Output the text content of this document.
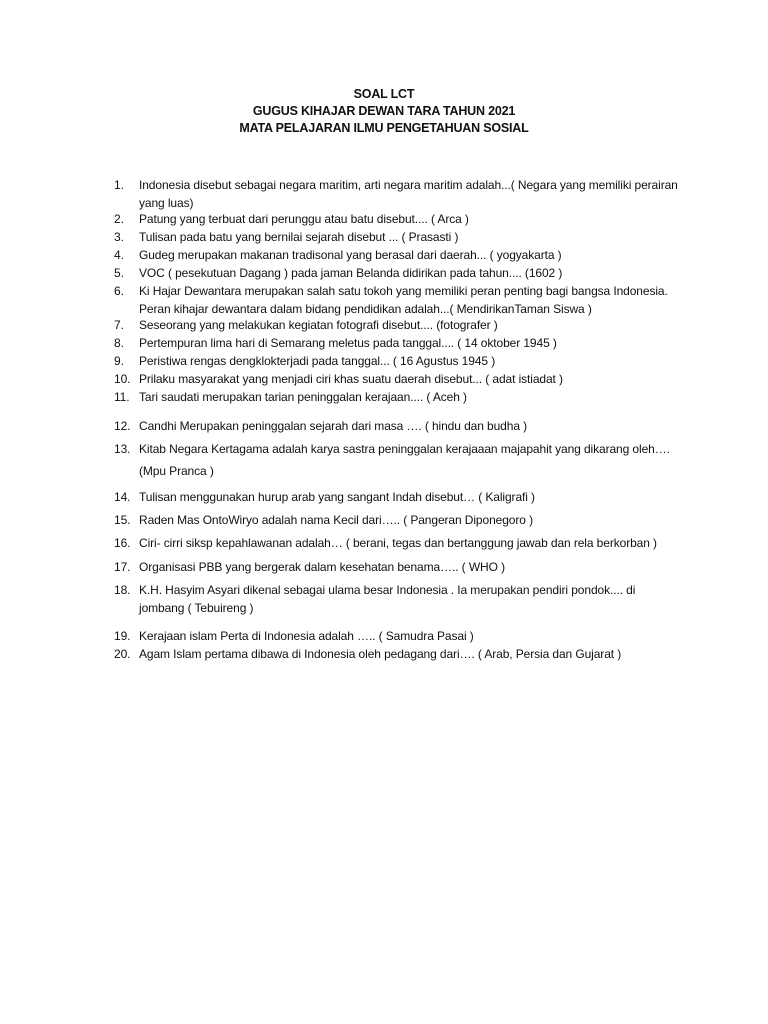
SOAL LCT
GUGUS KIHAJAR DEWAN TARA TAHUN 2021
MATA PELAJARAN ILMU PENGETAHUAN SOSIAL
1.	Indonesia disebut sebagai negara maritim, arti negara maritim adalah...( Negara yang memiliki perairan
yang luas)
2.	Patung yang terbuat dari perunggu atau batu disebut.... ( Arca )
3.	Tulisan pada batu yang bernilai sejarah disebut ... ( Prasasti )
4.	Gudeg merupakan makanan tradisonal yang berasal dari daerah... ( yogyakarta )
5.	VOC ( pesekutuan Dagang ) pada jaman Belanda didirikan pada tahun.... (1602 )
6.	Ki Hajar Dewantara merupakan salah satu tokoh yang memiliki peran penting bagi bangsa Indonesia.
Peran kihajar dewantara dalam bidang pendidikan adalah...( MendirikanTaman Siswa )
7.	Seseorang yang melakukan kegiatan fotografi disebut.... (fotografer )
8.	Pertempuran lima hari di Semarang meletus pada tanggal.... ( 14 oktober 1945 )
9.	Peristiwa rengas dengklokterjadi pada tanggal... ( 16 Agustus 1945 )
10. Prilaku masyarakat yang menjadi ciri khas suatu daerah disebut... ( adat istiadat )
11. Tari saudati merupakan tarian peninggalan kerajaan.... ( Aceh )
12. Candhi Merupakan peninggalan sejarah dari masa …. ( hindu dan budha )
13. Kitab Negara Kertagama adalah karya sastra peninggalan kerajaaan majapahit yang dikarang oleh….
(Mpu Pranca )
14. Tulisan menggunakan hurup arab yang sangant Indah disebut… ( Kaligrafi )
15. Raden Mas OntoWiryo adalah nama Kecil dari….. ( Pangeran Diponegoro )
16. Ciri- cirri siksp kepahlawanan adalah… ( berani, tegas dan bertanggung jawab dan rela berkorban )
17. Organisasi PBB yang bergerak dalam kesehatan benama….. ( WHO )
18. K.H. Hasyim Asyari dikenal sebagai ulama besar Indonesia . Ia merupakan pendiri pondok.... di
jombang ( Tebuireng )
19. Kerajaan islam Perta di Indonesia adalah ….. ( Samudra Pasai )
20. Agam Islam pertama dibawa di Indonesia oleh pedagang dari…. ( Arab, Persia dan Gujarat )
